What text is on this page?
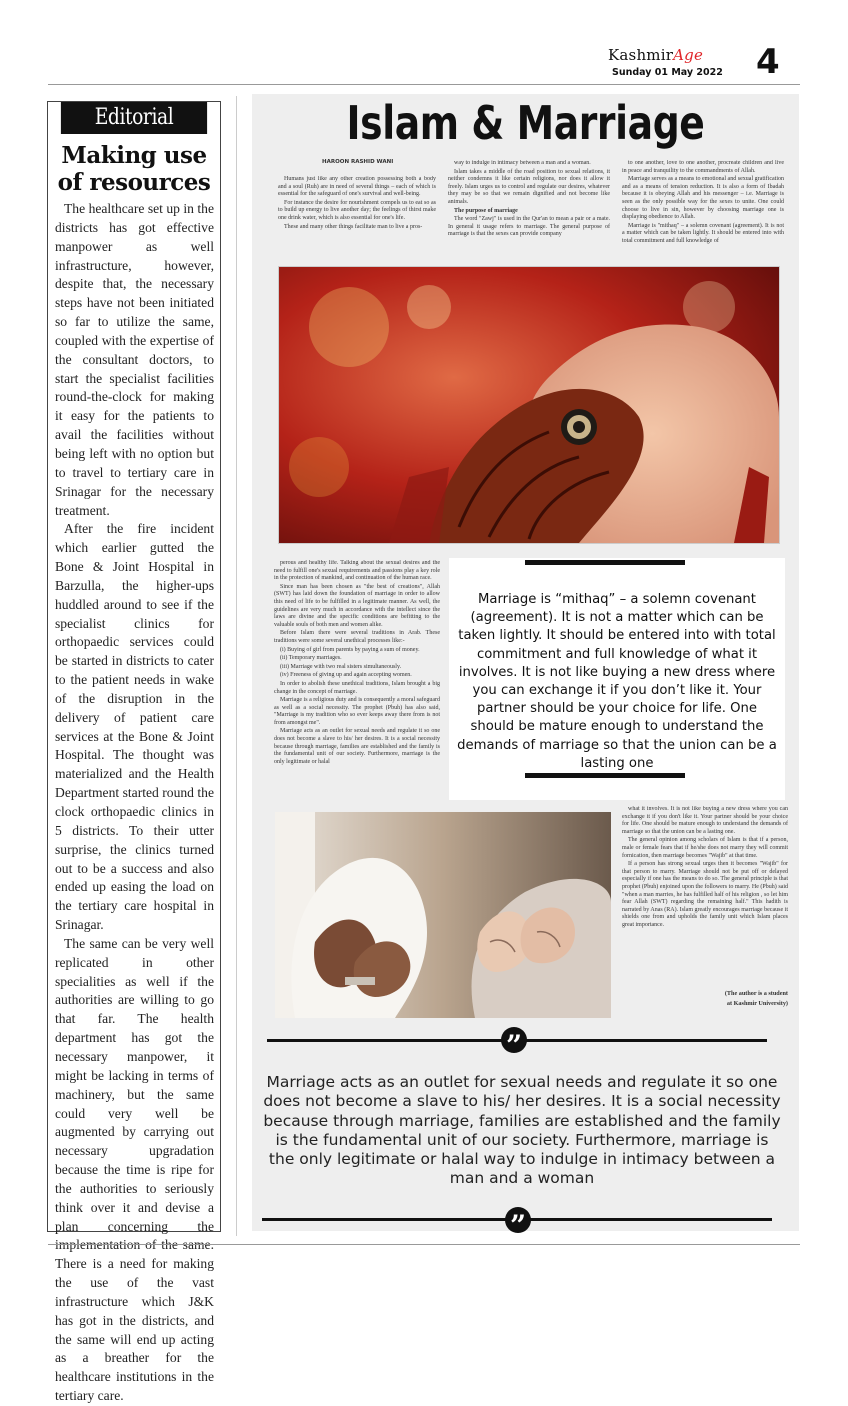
KashmirAge
Sunday 01 May 2022 4
Editorial
Making use of resources

The healthcare set up in the districts has got effective manpower as well infrastructure, however, despite that, the necessary steps have not been initiated so far to utilize the same, coupled with the expertise of the consultant doctors, to start the specialist facilities round-the-clock for making it easy for the patients to avail the facilities without being left with no option but to travel to tertiary care in Srinagar for the necessary treatment.

After the fire incident which earlier gutted the Bone & Joint Hospital in Barzulla, the higher-ups huddled around to see if the specialist clinics for orthopaedic services could be started in districts to cater to the patient needs in wake of the disruption in the delivery of patient care services at the Bone & Joint Hospital. The thought was materialized and the Health Department started round the clock orthopaedic clinics in 5 districts. To their utter surprise, the clinics turned out to be a success and also ended up easing the load on the tertiary care hospital in Srinagar.

The same can be very well replicated in other specialities as well if the authorities are willing to go that far. The health department has got the necessary manpower, it might be lacking in terms of machinery, but the same could very well be augmented by carrying out necessary upgradation because the time is ripe for the authorities to seriously think over it and devise a plan concerning the There is a need for making the use of the vast infrastructure which J&K has got in the districts, and the same will end up acting as a breather for the healthcare institutions in the tertiary care.

Islam & Marriage
HAROON RASHID WANI

Humans just like any other creation possessing both a body and a soul (Ruh) are in need of several things – each of which is essential for the safeguard of one's survival and well-being.

For instance the desire for nourishment compels us to eat so as to build up energy to live another day; the feelings of thirst make one drink water, which is also essential for one's life.

These and many other things facilitate man to live a pros-

way to indulge in intimacy between a man and a woman.

Islam takes a middle of the road position to sexual relations, it neither condemns it like certain religions, nor does it allow it freely. Islam urges us to control and regulate our desires, whatever they may be so that we remain dignified and not become like animals.

The purpose of marriage

The word "Zawj" is used in the Qur'an to mean a pair or a mate. In general it usage refers to marriage. The general purpose of marriage is that the sexes can provide company

to one another, love to one another, procreate children and live in peace and tranquility to the commandments of Allah.

Marriage serves as a means to emotional and sexual gratification and as a means of tension reduction. It is also a form of Ibadah because it is obeying Allah and his messenger – i.e. Marriage is seen as the only possible way for the sexes to unite. One could choose to live in sin, however by choosing marriage one is displaying obedience to Allah.

Marriage is "mithaq" – a solemn covenant (agreement). It is not a matter which can be taken lightly. It should be entered into with total commitment and full knowledge of

perous and healthy life. Talking about the sexual desires and the need to fulfill one's sexual requirements and passions play a key role in the protection of mankind, and continuation of the human race.

Since man has been chosen as "the best of creations", Allah (SWT) has laid down the foundation of marriage in order to allow this need of life to be fulfilled in a legitimate manner. As well, the guidelines are very much in accordance with the intellect since the laws are divine and the specific conditions are befitting to the valuable souls of both men and women alike.

Before Islam there were several traditions in Arab. These traditions were some several unethical processes like:-

(i) Buying of girl from parents by paying a sum of money.

(ii) Temporary marriages.

(iii) Marriage with two real sisters simultaneously.

(iv) Freeness of giving up and again accepting women.

In order to abolish these unethical traditions, Islam brought a big change in the concept of marriage.

Marriage is a religious duty and is consequently a moral safeguard as well as a social necessity. The prophet (Pbuh) has also said, "Marriage is my tradition who so ever keeps away there from is not from amongst me".

Marriage acts as an outlet for sexual needs and regulate it so one does not become a slave to his/ her desires. It is a social necessity because through marriage, families are established and the family is the fundamental unit of our society. Furthermore, marriage is the only legitimate or halal

Marriage is “mithaq” – a solemn covenant (agreement). It is not a matter which can be taken lightly. It should be entered into with total commitment and full knowledge of what it involves. It is not like buying a new dress where you can exchange it if you don’t like it. Your partner should be your choice for life. One should be mature enough to understand the demands of marriage so that the union can be a lasting one

what it involves. It is not like buying a new dress where you can exchange it if you don't like it. Your partner should be your choice for life. One should be mature enough to understand the demands of marriage so that the union can be a lasting one.

The general opinion among scholars of Islam is that if a person, male or female fears that if he/she does not marry they will commit fornication, then marriage becomes "Wajib" at that time.

If a person has strong sexual urges then it becomes "Wajib" for that person to marry. Marriage should not be put off or delayed especially if one has the means to do so. The general principle is that prophet (Pbuh) enjoined upon the followers to marry. He (Pbuh) said "when a man marries, he has fulfilled half of his religion , so let him fear Allah (SWT) regarding the remaining half." This hadith is narrated by Anas (RA). Islam greatly encourages marriage because it shields one from and upholds the family unit which Islam places great importance.

(The author is a student
at Kashmir University)
”
Marriage acts as an outlet for sexual needs and regulate it so one does not become a slave to his/ her desires. It is a social necessity because through marriage, families are established and the family is the fundamental unit of our society. Furthermore, marriage is the only legitimate or halal way to indulge in intimacy between a man and a woman
”
